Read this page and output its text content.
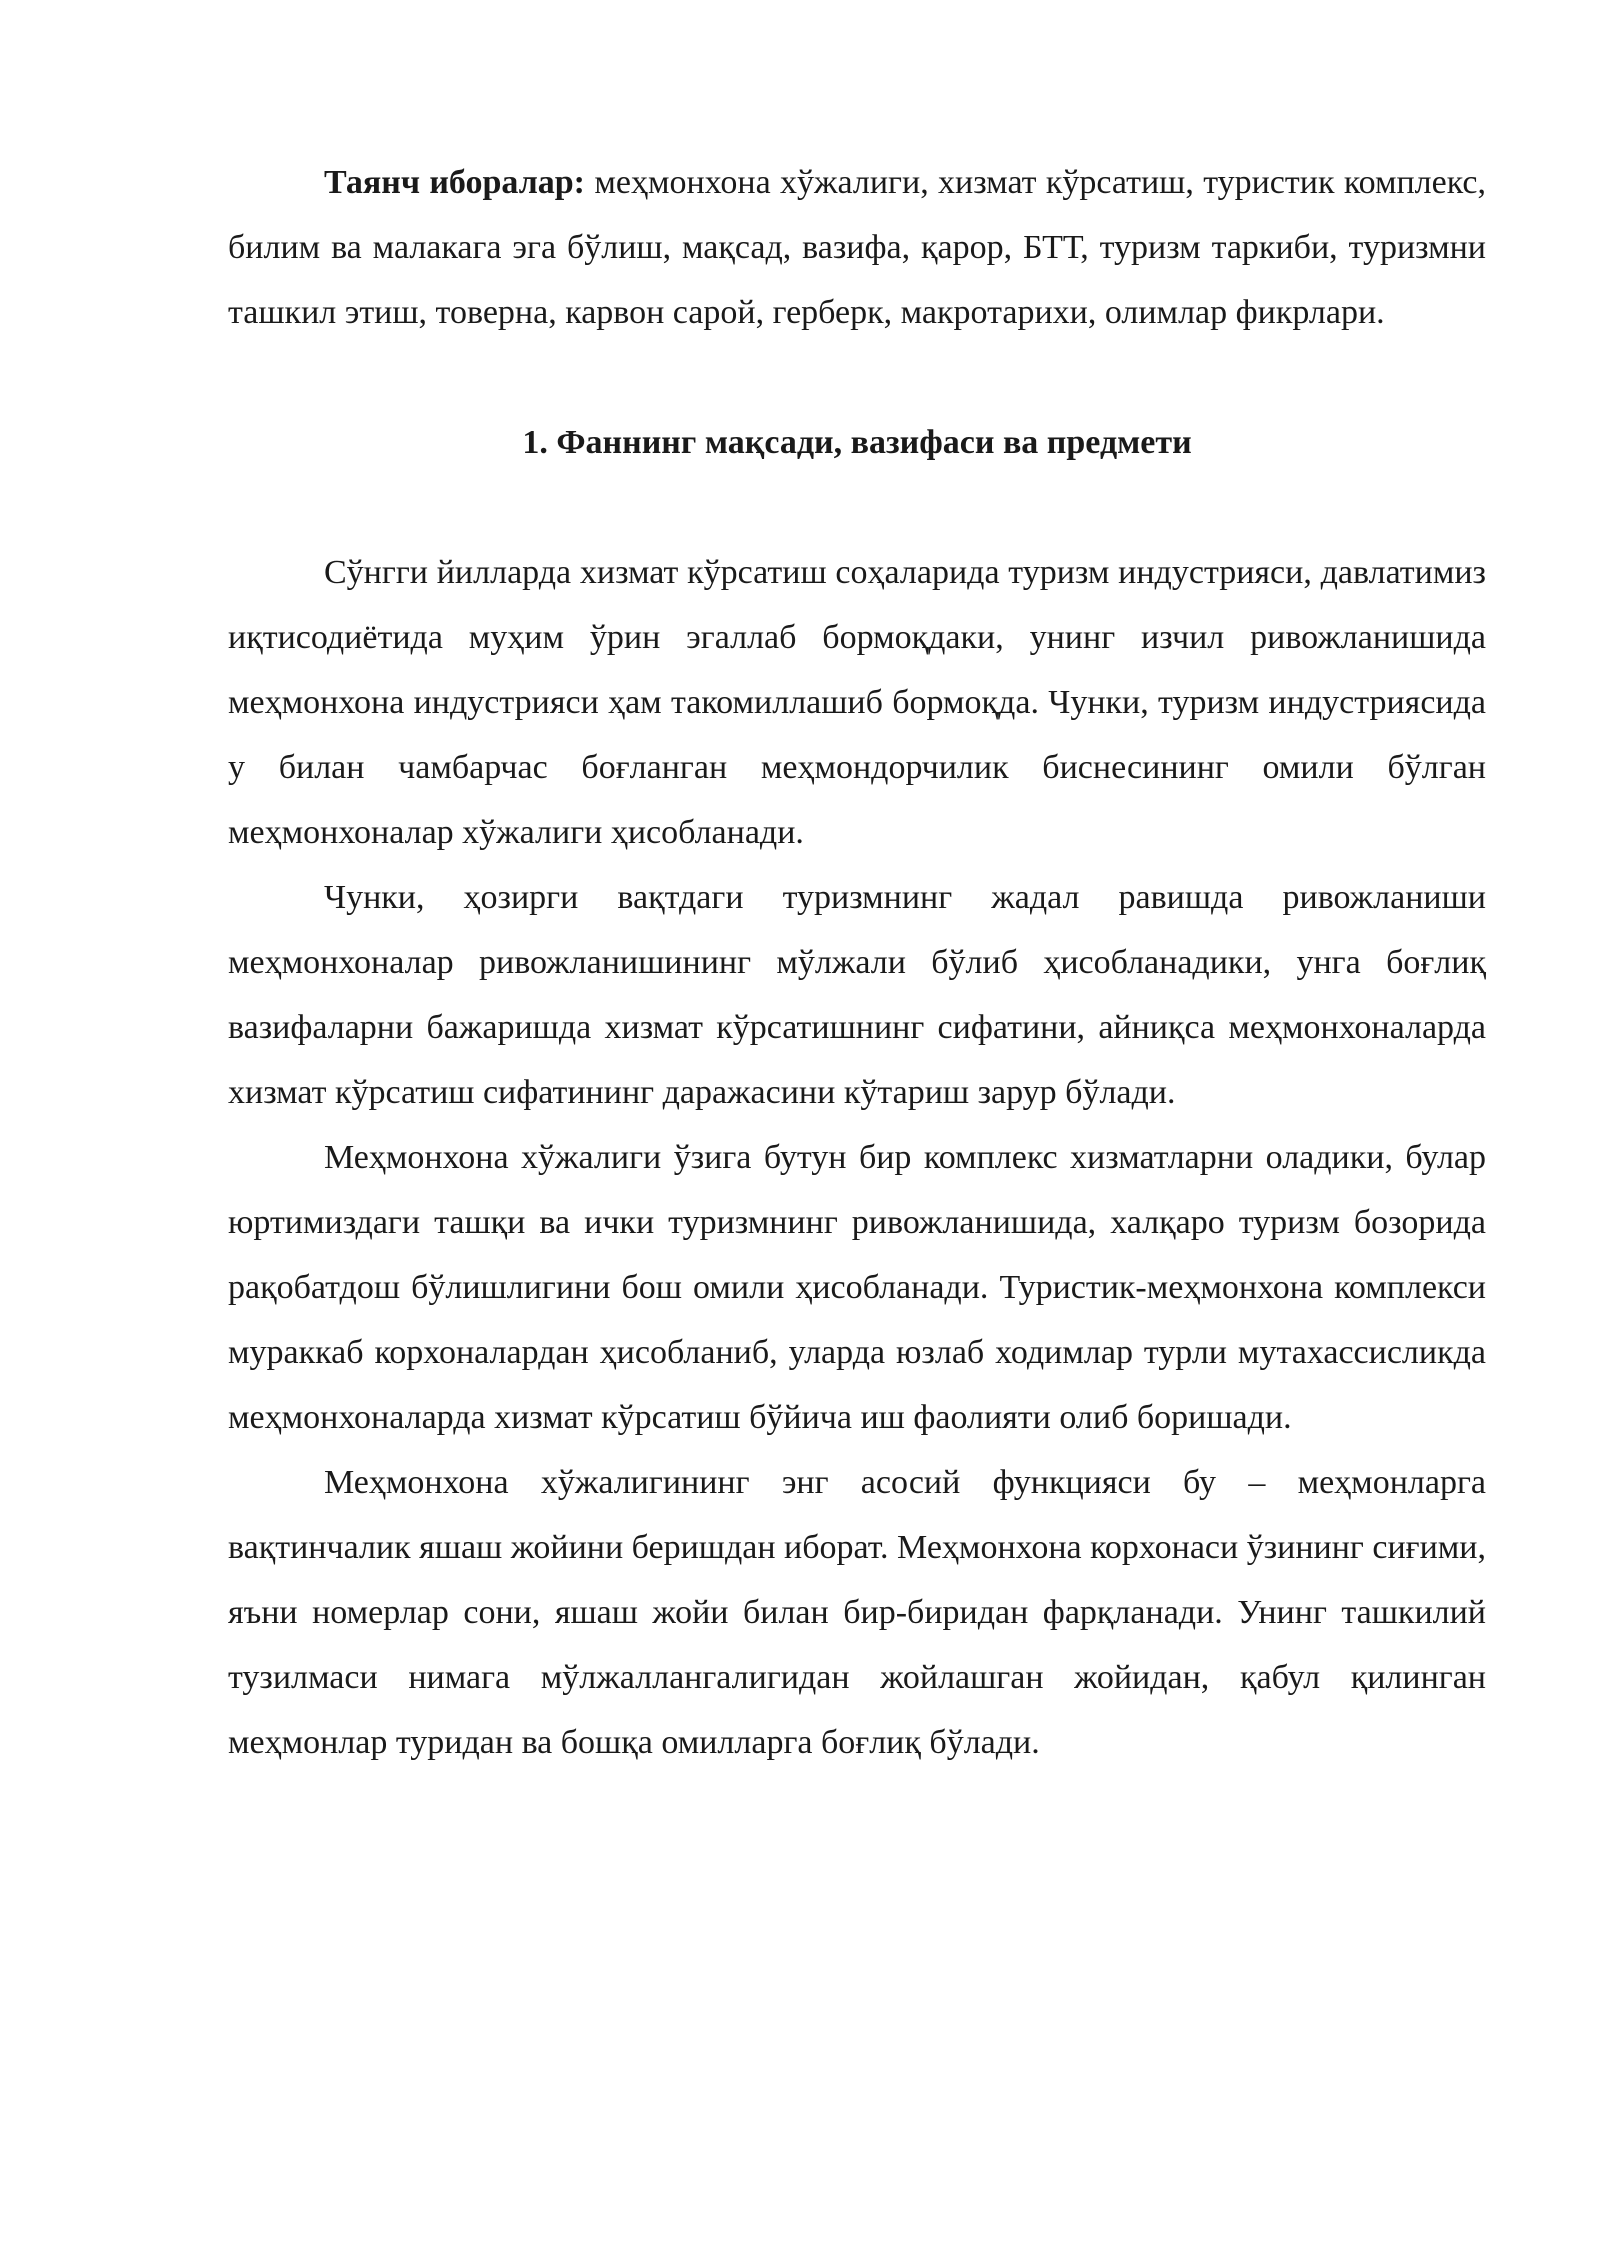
Таянч иборалар: меҳмонхона хўжалиги, хизмат кўрсатиш, туристик комплекс, билим ва малакага эга бўлиш, мақсад, вазифа, қарор, БТТ, туризм таркиби, туризмни ташкил этиш, товерна, карвон сарой, герберк, макротарихи, олимлар фикрлари.

1. Фаннинг мақсади, вазифаси ва предмети

Сўнгги йилларда хизмат кўрсатиш соҳаларида туризм индустрияси, давлатимиз иқтисодиётида муҳим ўрин эгаллаб бормоқдаки, унинг изчил ривожланишида меҳмонхона индустрияси ҳам такомиллашиб бормоқда. Чунки, туризм индустриясида у билан чамбарчас боғланган меҳмондорчилик биснесининг омили бўлган меҳмонхоналар хўжалиги ҳисобланади.

Чунки, ҳозирги вақтдаги туризмнинг жадал равишда ривожланиши меҳмонхоналар ривожланишининг мўлжали бўлиб ҳисобланадики, унга боғлиқ вазифаларни бажаришда хизмат кўрсатишнинг сифатини, айниқса меҳмонхоналарда хизмат кўрсатиш сифатининг даражасини кўтариш зарур бўлади.

Меҳмонхона хўжалиги ўзига бутун бир комплекс хизматларни оладики, булар юртимиздаги ташқи ва ички туризмнинг ривожланишида, халқаро туризм бозорида рақобатдош бўлишлигини бош омили ҳисобланади. Туристик-меҳмонхона комплекси мураккаб корхоналардан ҳисобланиб, уларда юзлаб ходимлар турли мутахассисликда меҳмонхоналарда хизмат кўрсатиш бўйича иш фаолияти олиб боришади.

Меҳмонхона хўжалигининг энг асосий функцияси бу – меҳмонларга вақтинчалик яшаш жойини беришдан иборат. Меҳмонхона корхонаси ўзининг сиғими, яъни номерлар сони, яшаш жойи билан бир-биридан фарқланади. Унинг ташкилий тузилмаси нимага мўлжаллангалигидан жойлашган жойидан, қабул қилинган меҳмонлар туридан ва бошқа омилларга боғлиқ бўлади.
